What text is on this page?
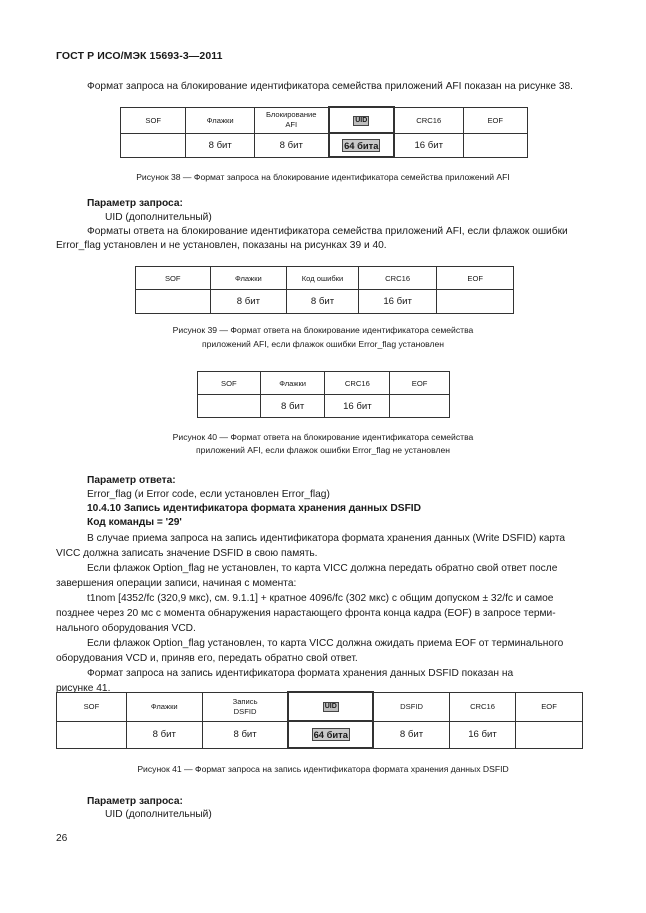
ГОСТ Р ИСО/МЭК 15693-3—2011
Формат запроса на блокирование идентификатора семейства приложений AFI показан на рисунке 38.
SOF	Флажки	Блокирование
AFI	UID	CRC16	EOF
	8 бит	8 бит	64 бита	16 бит	
Рисунок 38 — Формат запроса на блокирование идентификатора семейства приложений AFI
Параметр запроса:
UID (дополнительный)
Форматы ответа на блокирование идентификатора семейства приложений AFI, если флажок ошибки
Error_flag установлен и не установлен, показаны на рисунках 39 и 40.
SOF	Флажки	Код ошибки	CRC16	EOF
	8 бит	8 бит	16 бит	
Рисунок 39 — Формат ответа на блокирование идентификатора семейства
приложений AFI, если флажок ошибки Error_flag установлен
SOF	Флажки	CRC16	EOF
	8 бит	16 бит	
Рисунок 40 — Формат ответа на блокирование идентификатора семейства
приложений AFI, если флажок ошибки Error_flag не установлен
Параметр ответа:
Error_flag (и Error code, если установлен Error_flag)
10.4.10 Запись идентификатора формата хранения данных DSFID
Код команды = '29'
В случае приема запроса на запись идентификатора формата хранения данных (Write DSFID) карта
VICC должна записать значение DSFID в свою память.
Если флажок Option_flag не установлен, то карта VICC должна передать обратно свой ответ после
завершения операции записи, начиная с момента:
t1nom [4352/fc (320,9 мкс), см. 9.1.1] + кратное 4096/fc (302 мкс) с общим допуском ± 32/fc и самое
позднее через 20 мс с момента обнаружения нарастающего фронта конца кадра (EOF) в запросе терми-
нального оборудования VCD.
Если флажок Option_flag установлен, то карта VICC должна ожидать приема EOF от терминального
оборудования VCD и, приняв его, передать обратно свой ответ.
Формат запроса на запись идентификатора формата хранения данных DSFID показан на
рисунке 41.
SOF	Флажки	Запись
DSFID	UID	DSFID	CRC16	EOF
	8 бит	8 бит	64 бита	8 бит	16 бит	
Рисунок 41 — Формат запроса на запись идентификатора формата хранения данных DSFID
Параметр запроса:
UID (дополнительный)
26
